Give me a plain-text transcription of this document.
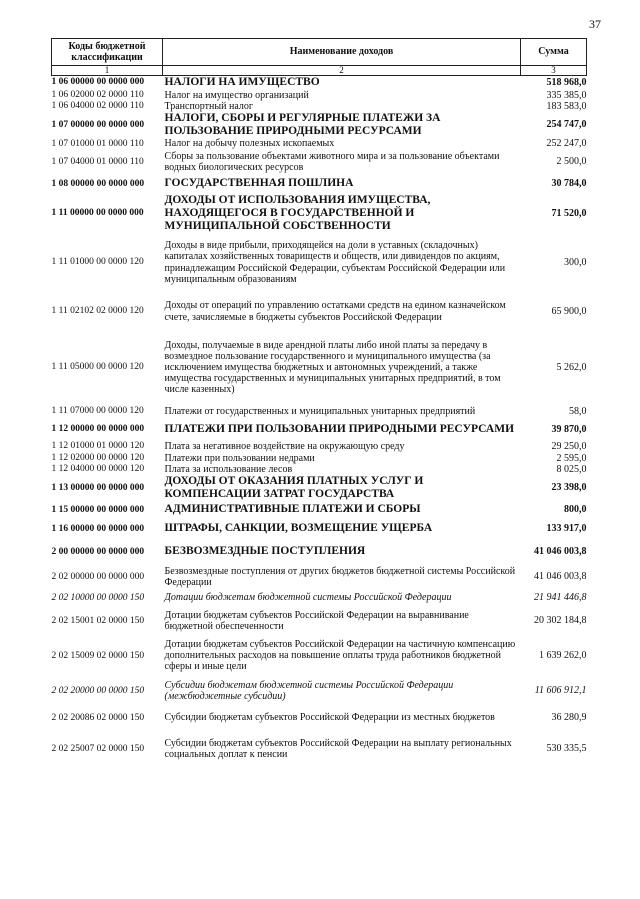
37
Коды бюджетной классификации	Наименование доходов	Сумма
1	2	3
1 06 00000 00 0000 000	НАЛОГИ НА ИМУЩЕСТВО	518 968,0
1 06 02000 02 0000 110	Налог на имущество организаций	335 385,0
1 06 04000 02 0000 110	Транспортный налог	183 583,0
1 07 00000 00 0000 000	НАЛОГИ, СБОРЫ И РЕГУЛЯРНЫЕ ПЛАТЕЖИ ЗА ПОЛЬЗОВАНИЕ ПРИРОДНЫМИ РЕСУРСАМИ	254 747,0
1 07 01000 01 0000 110	Налог на добычу полезных ископаемых	252 247,0
1 07 04000 01 0000 110	Сборы за пользование объектами животного мира и за пользование объектами водных биологических ресурсов	2 500,0
1 08 00000 00 0000 000	ГОСУДАРСТВЕННАЯ ПОШЛИНА	30 784,0
1 11 00000 00 0000 000	ДОХОДЫ ОТ ИСПОЛЬЗОВАНИЯ ИМУЩЕСТВА, НАХОДЯЩЕГОСЯ В ГОСУДАРСТВЕННОЙ И МУНИЦИПАЛЬНОЙ СОБСТВЕННОСТИ	71 520,0
1 11 01000 00 0000 120	Доходы в виде прибыли, приходящейся на доли в уставных (складочных) капиталах хозяйственных товариществ и обществ, или дивидендов по акциям, принадлежащим Российской Федерации, субъектам Российской Федерации или муниципальным образованиям	300,0
1 11 02102 02 0000 120	Доходы от операций по управлению остатками средств на едином казначейском счете, зачисляемые в бюджеты субъектов Российской Федерации	65 900,0
1 11 05000 00 0000 120	Доходы, получаемые в виде арендной платы либо иной платы за передачу в возмездное пользование государственного и муниципального имущества (за исключением имущества бюджетных и автономных учреждений, а также имущества государственных и муниципальных унитарных предприятий, в том числе казенных)	5 262,0
1 11 07000 00 0000 120	Платежи от государственных и муниципальных унитарных предприятий	58,0
1 12 00000 00 0000 000	ПЛАТЕЖИ ПРИ ПОЛЬЗОВАНИИ ПРИРОДНЫМИ РЕСУРСАМИ	39 870,0
1 12 01000 01 0000 120	Плата за негативное воздействие на окружающую среду	29 250,0
1 12 02000 00 0000 120	Платежи при пользовании недрами	2 595,0
1 12 04000 00 0000 120	Плата за использование лесов	8 025,0
1 13 00000 00 0000 000	ДОХОДЫ ОТ ОКАЗАНИЯ ПЛАТНЫХ УСЛУГ И КОМПЕНСАЦИИ ЗАТРАТ ГОСУДАРСТВА	23 398,0
1 15 00000 00 0000 000	АДМИНИСТРАТИВНЫЕ ПЛАТЕЖИ И СБОРЫ	800,0
1 16 00000 00 0000 000	ШТРАФЫ, САНКЦИИ, ВОЗМЕЩЕНИЕ УЩЕРБА	133 917,0
2 00 00000 00 0000 000	БЕЗВОЗМЕЗДНЫЕ ПОСТУПЛЕНИЯ	41 046 003,8
2 02 00000 00 0000 000	Безвозмездные поступления от других бюджетов бюджетной системы Российской Федерации	41 046 003,8
2 02 10000 00 0000 150	Дотации бюджетам бюджетной системы Российской Федерации	21 941 446,8
2 02 15001 02 0000 150	Дотации бюджетам субъектов Российской Федерации на выравнивание бюджетной обеспеченности	20 302 184,8
2 02 15009 02 0000 150	Дотации бюджетам субъектов Российской Федерации на частичную компенсацию дополнительных расходов на повышение оплаты труда работников бюджетной сферы и иные цели	1 639 262,0
2 02 20000 00 0000 150	Субсидии бюджетам бюджетной системы Российской Федерации (межбюджетные субсидии)	11 606 912,1
2 02 20086 02 0000 150	Субсидии бюджетам субъектов Российской Федерации из местных бюджетов	36 280,9
2 02 25007 02 0000 150	Субсидии бюджетам субъектов Российской Федерации на выплату региональных социальных доплат к пенсии	530 335,5
